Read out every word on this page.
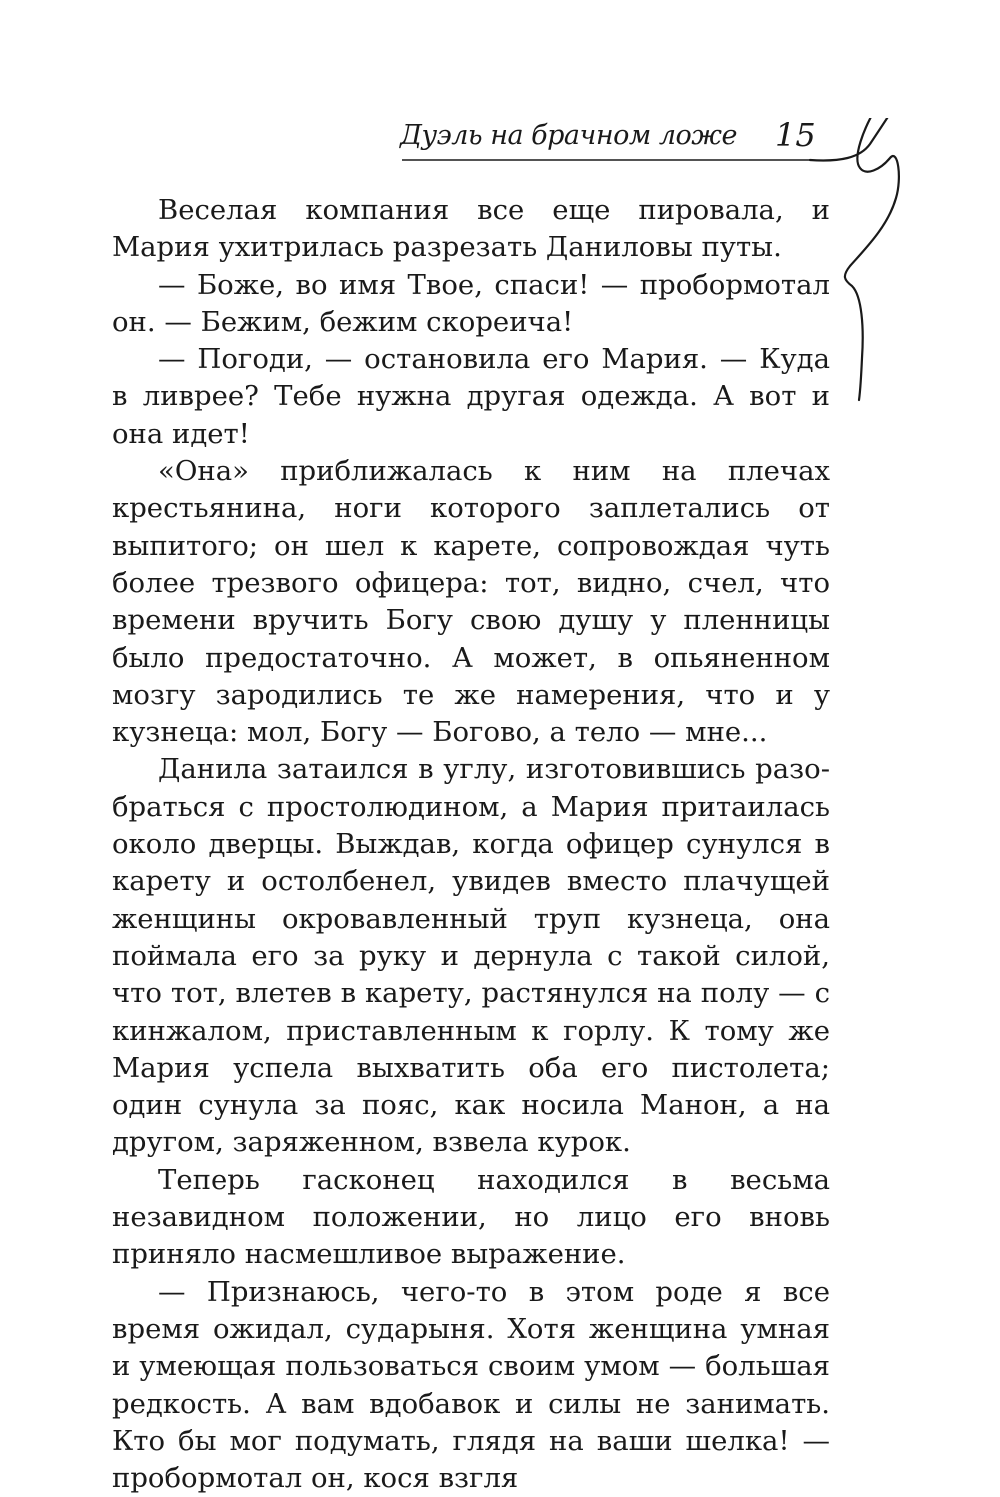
Дуэль на брачном ложе 15

Веселая компания все еще пировала, и Мария ухитрилась разрезать Даниловы путы.

— Боже, во имя Твое, спаси! — пробормотал он. — Бежим, бежим скореича!

— Погоди, — остановила его Мария. — Куда в ливрее? Тебе нужна другая одежда. А вот и она идет!

«Она» приближалась к ним на плечах крестьянина, ноги которого заплетались от выпитого; он шел к карете, сопровождая чуть более трезвого офицера: тот, видно, счел, что времени вручить Богу свою душу у пленницы было предостаточно. А может, в опьяненном мозгу зародились те же намерения, что и у кузнеца: мол, Богу — Богово, а тело — мне...

Данила затаился в углу, изготовившись разобраться с простолюдином, а Мария притаилась около дверцы. Выждав, когда офицер сунулся в карету и остолбенел, увидев вместо плачущей женщины окровавленный труп кузнеца, она поймала его за руку и дернула с такой силой, что тот, влетев в карету, растянулся на полу — с кинжалом, приставленным к горлу. К тому же Мария успела выхватить оба его пистолета; один сунула за пояс, как носила Манон, а на другом, заряженном, взвела курок.

Теперь гасконец находился в весьма незавидном положении, но лицо его вновь приняло насмешливое выражение.

— Признаюсь, чего-то в этом роде я все время ожидал, сударыня. Хотя женщина умная и умеющая пользоваться своим умом — большая редкость. А вам вдобавок и силы не занимать. Кто бы мог подумать, глядя на ваши шелка! — пробормотал он, кося взгля
